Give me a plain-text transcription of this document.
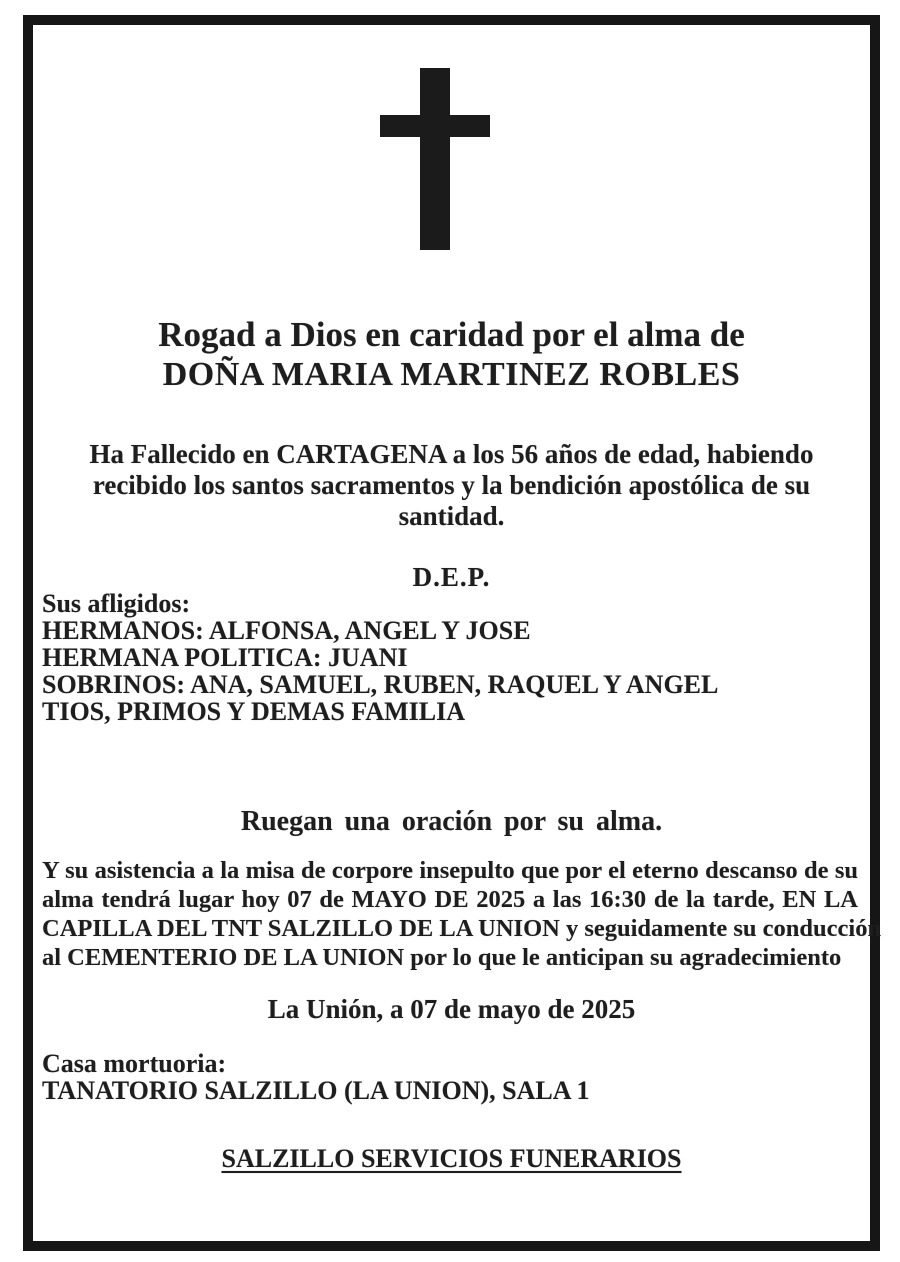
Rogad a Dios en caridad por el alma de
DOÑA MARIA MARTINEZ ROBLES
Ha Fallecido en CARTAGENA a los 56 años de edad, habiendo
recibido los santos sacramentos y la bendición apostólica de su
santidad.
D.E.P.
Sus afligidos:
HERMANOS: ALFONSA, ANGEL Y JOSE
HERMANA POLITICA: JUANI
SOBRINOS: ANA, SAMUEL, RUBEN, RAQUEL Y ANGEL
TIOS, PRIMOS Y DEMAS FAMILIA
Ruegan una oración por su alma.
Y su asistencia a la misa de corpore insepulto que por el eterno descanso de su
alma tendrá lugar hoy 07 de MAYO DE 2025 a las 16:30 de la tarde, EN LA
CAPILLA DEL TNT SALZILLO DE LA UNION y seguidamente su conducción
al CEMENTERIO DE LA UNION por lo que le anticipan su agradecimiento
La Unión, a 07 de mayo de 2025
Casa mortuoria:
TANATORIO SALZILLO (LA UNION), SALA 1
SALZILLO SERVICIOS FUNERARIOS
